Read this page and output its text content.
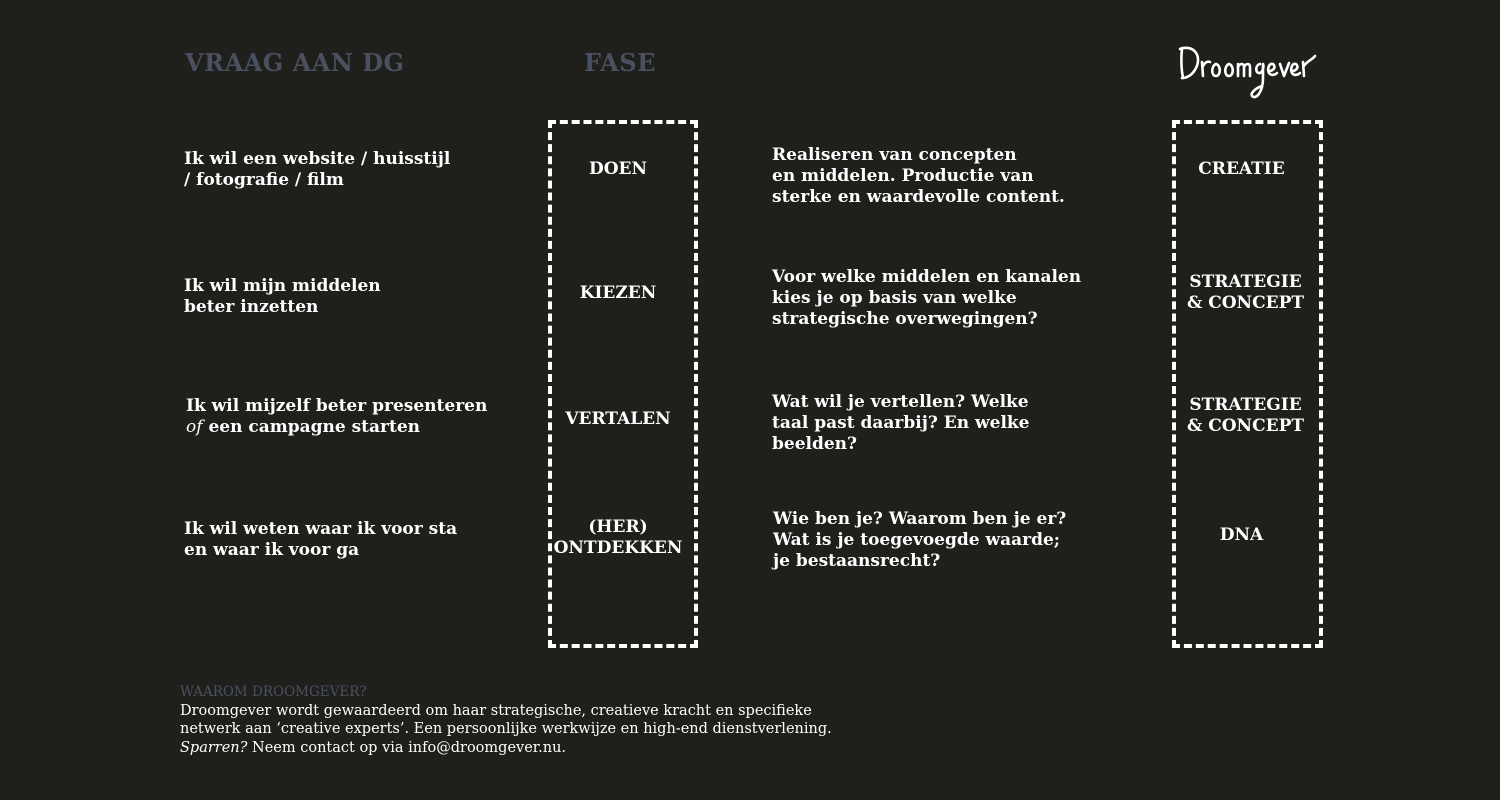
VRAAG AAN DG	FASE
Ik wil een website / huisstijl
/ fotografie / film
DOEN
Realiseren van concepten
en middelen. Productie van
sterke en waardevolle content.
CREATIE
Ik wil mijn middelen
beter inzetten
KIEZEN
Voor welke middelen en kanalen
kies je op basis van welke
strategische overwegingen?
STRATEGIE
& CONCEPT
Ik wil mijzelf beter presenteren
of een campagne starten	VERTALEN
Wat wil je vertellen? Welke
taal past daarbij? En welke
beelden?
STRATEGIE
& CONCEPT
Ik wil weten waar ik voor sta
en waar ik voor ga
(HER)
ONTDEKKEN
Wie ben je? Waarom ben je er?
Wat is je toegevoegde waarde;
je bestaansrecht?
DNA
WAAROM DROOMGEVER?
Droomgever wordt gewaardeerd om haar strategische, creatieve kracht en specifieke
netwerk aan ‘creative experts’. Een persoonlijke werkwijze en high-end dienstverlening.
Sparren? Neem contact op via info@droomgever.nu.
